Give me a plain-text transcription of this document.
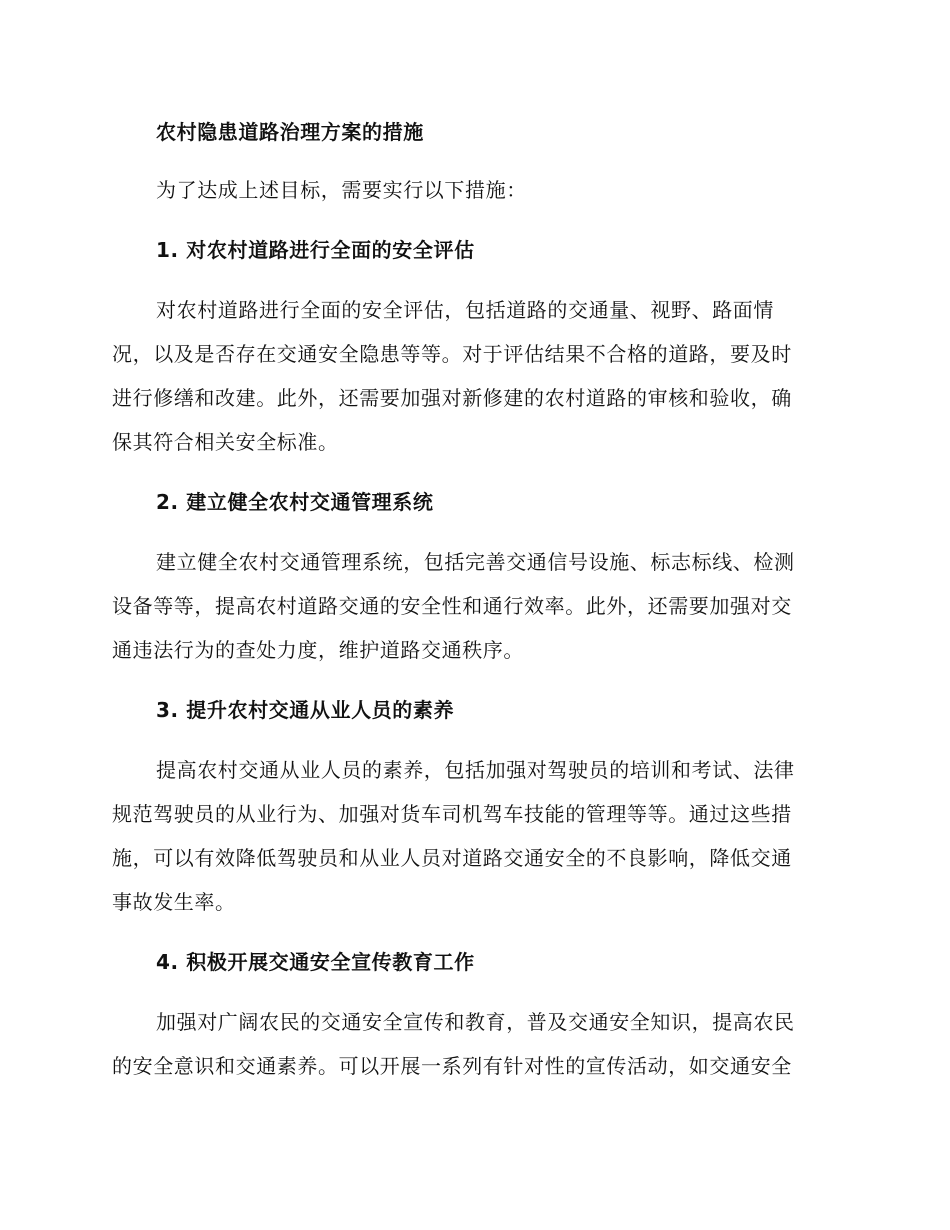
农村隐患道路治理方案的措施
为了达成上述目标，需要实行以下措施：
1. 对农村道路进行全面的安全评估
对农村道路进行全面的安全评估，包括道路的交通量、视野、路面情
况，以及是否存在交通安全隐患等等。对于评估结果不合格的道路，要及时
进行修缮和改建。此外，还需要加强对新修建的农村道路的审核和验收，确
保其符合相关安全标准。
2. 建立健全农村交通管理系统
建立健全农村交通管理系统，包括完善交通信号设施、标志标线、检测
设备等等，提高农村道路交通的安全性和通行效率。此外，还需要加强对交
通违法行为的查处力度，维护道路交通秩序。
3. 提升农村交通从业人员的素养
提高农村交通从业人员的素养，包括加强对驾驶员的培训和考试、法律
规范驾驶员的从业行为、加强对货车司机驾车技能的管理等等。通过这些措
施，可以有效降低驾驶员和从业人员对道路交通安全的不良影响，降低交通
事故发生率。
4. 积极开展交通安全宣传教育工作
加强对广阔农民的交通安全宣传和教育，普及交通安全知识，提高农民
的安全意识和交通素养。可以开展一系列有针对性的宣传活动，如交通安全
